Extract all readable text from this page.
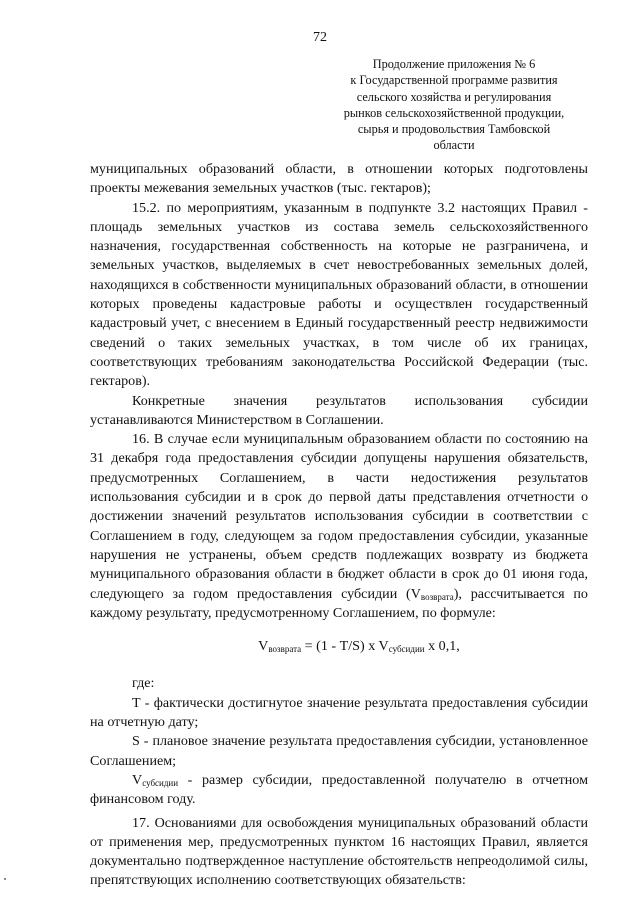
72
Продолжение приложения № 6
к Государственной программе развития
сельского хозяйства и регулирования
рынков сельскохозяйственной продукции,
сырья и продовольствия Тамбовской
области

муниципальных образований области, в отношении которых подготовлены проекты межевания земельных участков (тыс. гектаров);

15.2. по мероприятиям, указанным в подпункте 3.2 настоящих Правил - площадь земельных участков из состава земель сельскохозяйственного назначения, государственная собственность на которые не разграничена, и земельных участков, выделяемых в счет невостребованных земельных долей, находящихся в собственности муниципальных образований области, в отношении которых проведены кадастровые работы и осуществлен государственный кадастровый учет, с внесением в Единый государственный реестр недвижимости сведений о таких земельных участках, в том числе об их границах, соответствующих требованиям законодательства Российской Федерации (тыс. гектаров).

Конкретные значения результатов использования субсидии устанавливаются Министерством в Соглашении.

16. В случае если муниципальным образованием области по состоянию на 31 декабря года предоставления субсидии допущены нарушения обязательств, предусмотренных Соглашением, в части недостижения результатов использования субсидии и в срок до первой даты представления отчетности о достижении значений результатов использования субсидии в соответствии с Соглашением в году, следующем за годом предоставления субсидии, указанные нарушения не устранены, объем средств подлежащих возврату из бюджета муниципального образования области в бюджет области в срок до 01 июня года, следующего за годом предоставления субсидии $(V_{возврата})$, рассчитывается по каждому результату, предусмотренному Соглашением, по формуле:

$V_{возврата} = (1 - T/S)$ x $V_{субсидии}$ x 0,1,

где:

T - фактически достигнутое значение результата предоставления субсидии на отчетную дату;

S - плановое значение результата предоставления субсидии, установленное Соглашением;

$V_{субсидии}$ - размер субсидии, предоставленной получателю в отчетном финансовом году.

17. Основаниями для освобождения муниципальных образований области от применения мер, предусмотренных пунктом 16 настоящих Правил, является документально подтвержденное наступление обстоятельств непреодолимой силы, препятствующих исполнению соответствующих обязательств:
